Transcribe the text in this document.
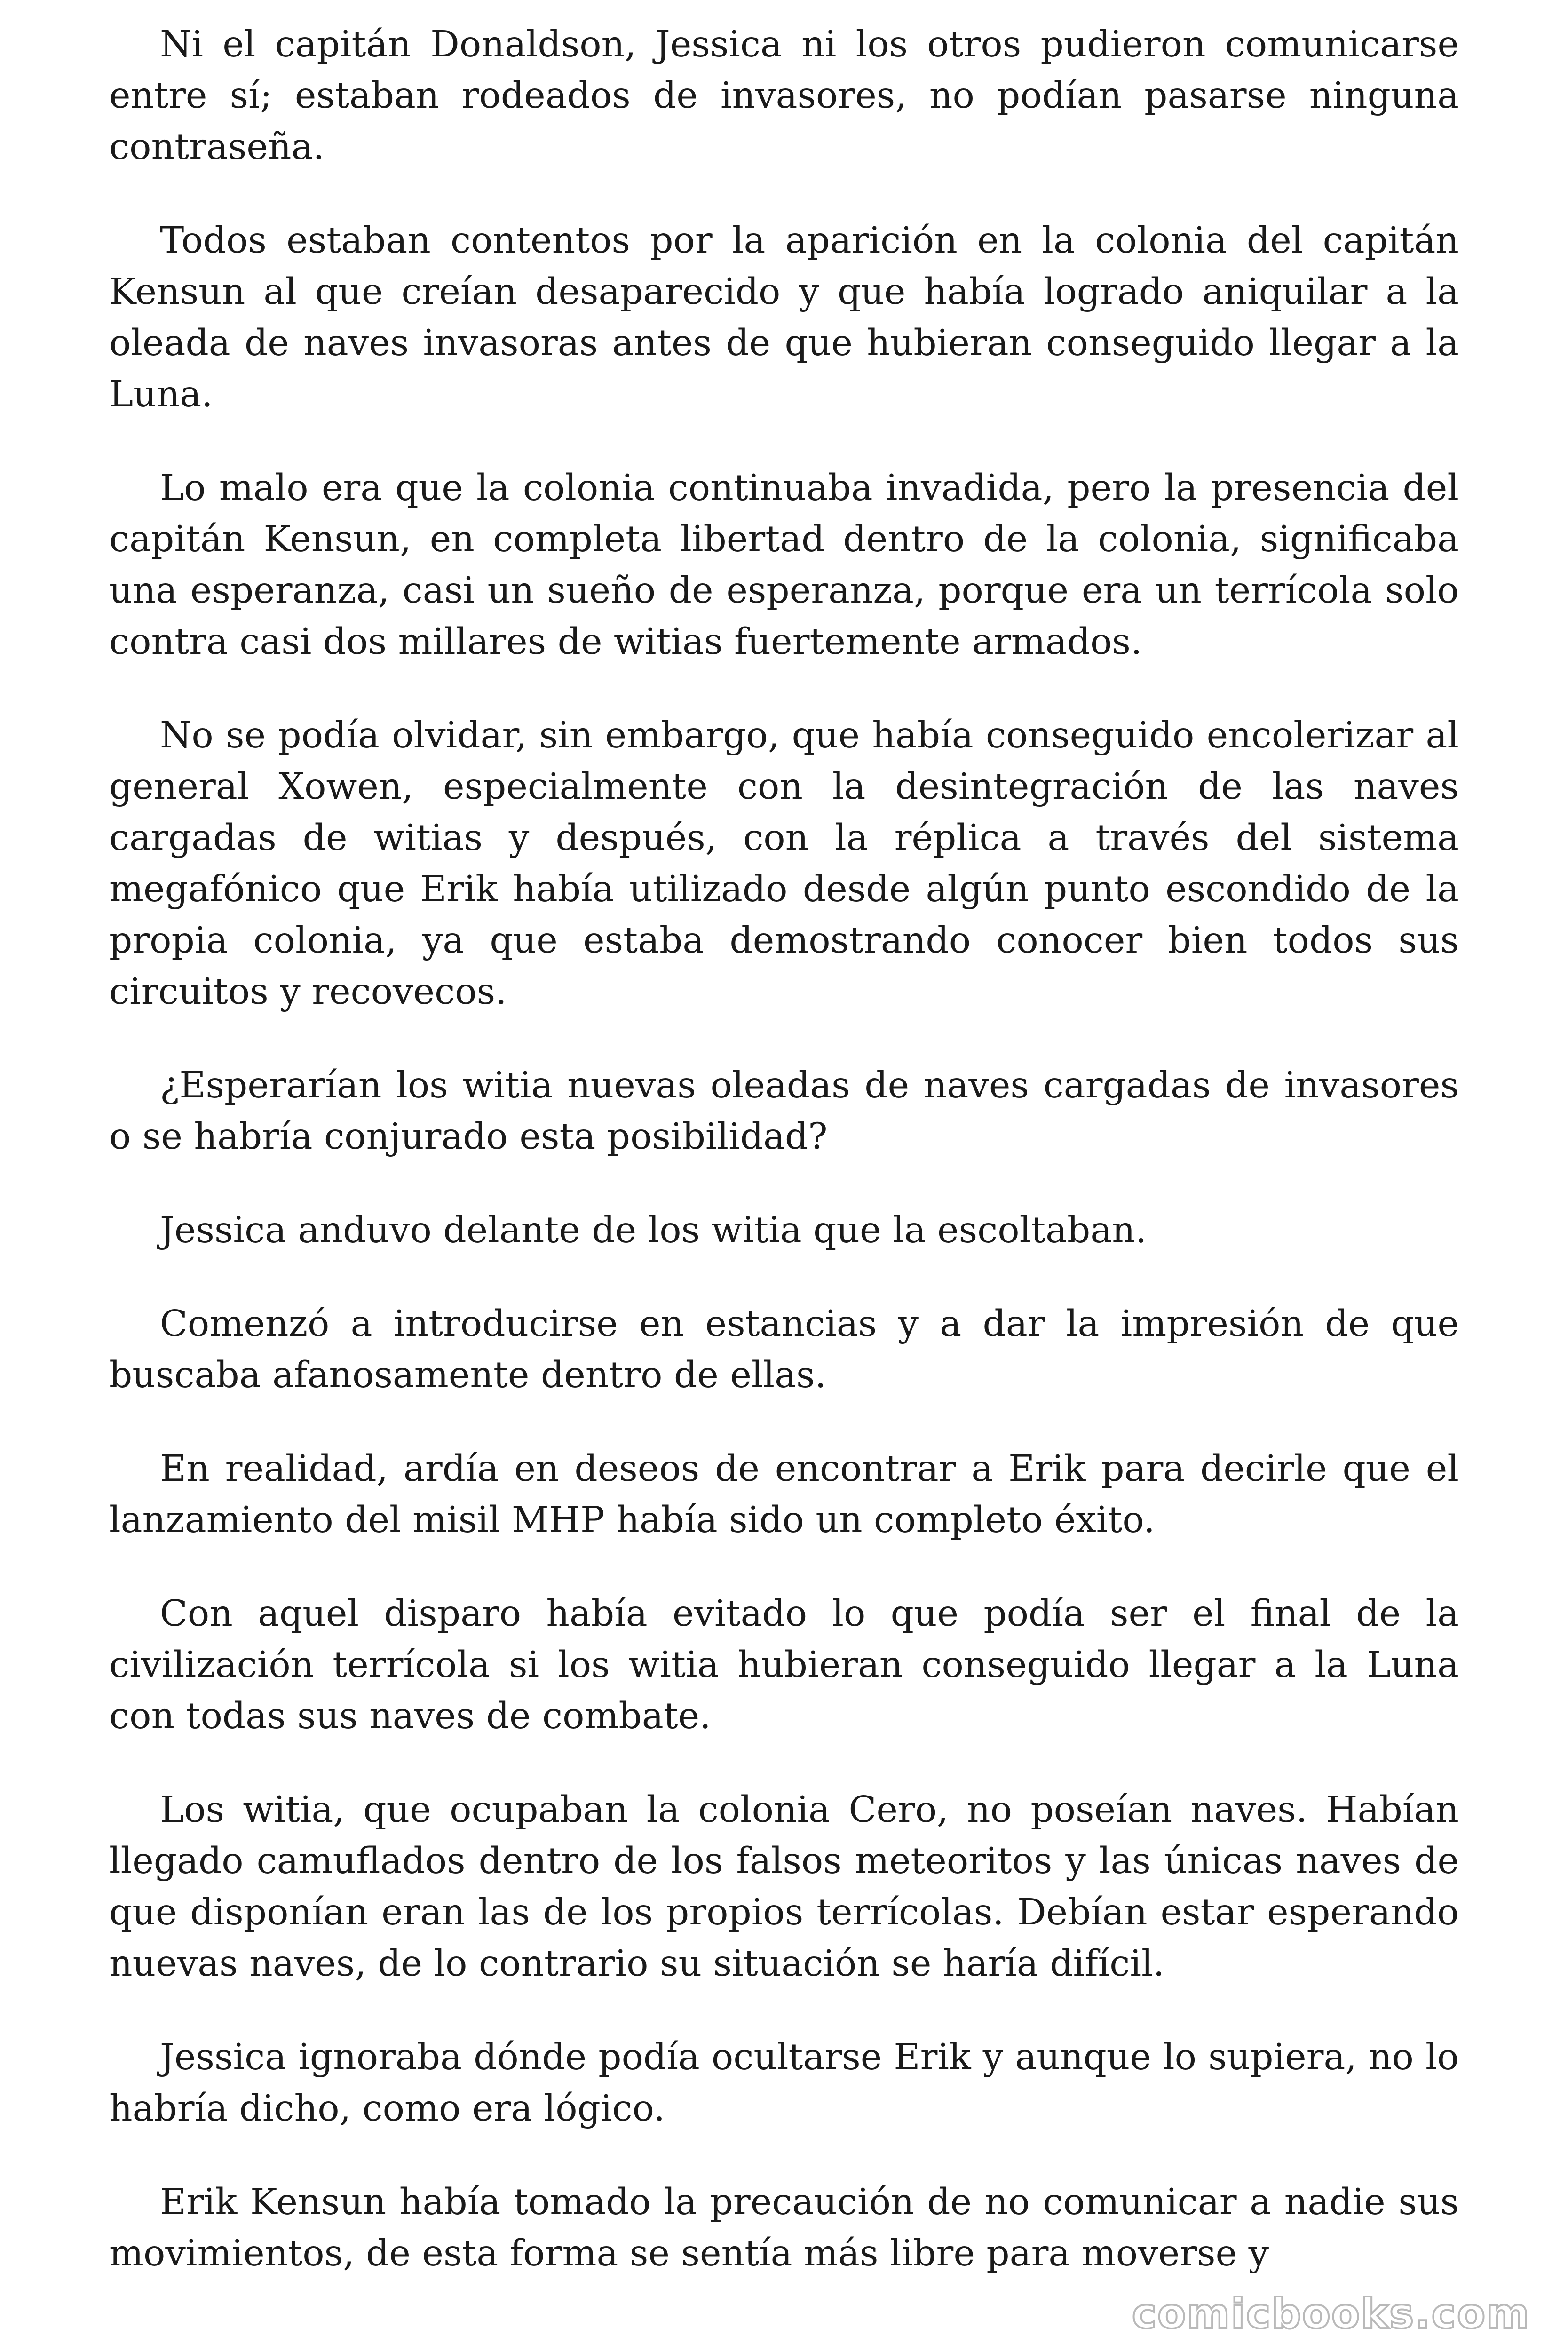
Ni el capitán Donaldson, Jessica ni los otros pudieron comunicarse entre sí; estaban rodeados de invasores, no podían pasarse ninguna contraseña.

Todos estaban contentos por la aparición en la colonia del capitán Kensun al que creían desaparecido y que había logrado aniquilar a la oleada de naves invasoras antes de que hubieran conseguido llegar a la Luna.

Lo malo era que la colonia continuaba invadida, pero la presencia del capitán Kensun, en completa libertad dentro de la colonia, significaba una esperanza, casi un sueño de esperanza, porque era un terrícola solo contra casi dos millares de witias fuertemente armados.

No se podía olvidar, sin embargo, que había conseguido encolerizar al general Xowen, especialmente con la desintegración de las naves cargadas de witias y después, con la réplica a través del sistema megafónico que Erik había utilizado desde algún punto escondido de la propia colonia, ya que estaba demostrando conocer bien todos sus circuitos y recovecos.

¿Esperarían los witia nuevas oleadas de naves cargadas de invasores o se habría conjurado esta posibilidad?

Jessica anduvo delante de los witia que la escoltaban.

Comenzó a introducirse en estancias y a dar la impresión de que buscaba afanosamente dentro de ellas.

En realidad, ardía en deseos de encontrar a Erik para decirle que el lanzamiento del misil MHP había sido un completo éxito.

Con aquel disparo había evitado lo que podía ser el final de la civilización terrícola si los witia hubieran conseguido llegar a la Luna con todas sus naves de combate.

Los witia, que ocupaban la colonia Cero, no poseían naves. Habían llegado camuflados dentro de los falsos meteoritos y las únicas naves de que disponían eran las de los propios terrícolas. Debían estar esperando nuevas naves, de lo contrario su situación se haría difícil.

Jessica ignoraba dónde podía ocultarse Erik y aunque lo supiera, no lo habría dicho, como era lógico.

Erik Kensun había tomado la precaución de no comunicar a nadie sus movimientos, de esta forma se sentía más libre para moverse y

comicbooks.com
